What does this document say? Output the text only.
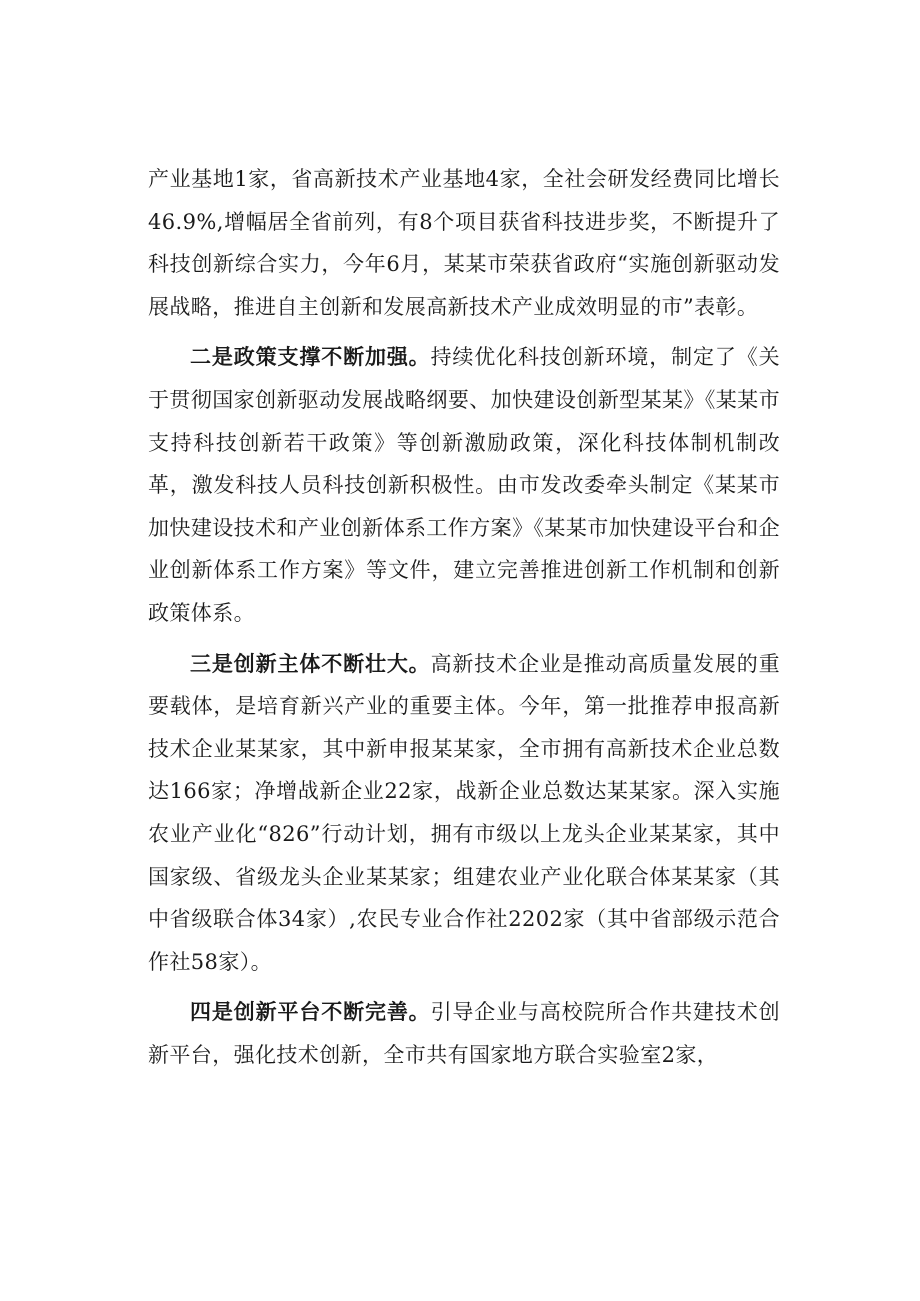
产业基地1家，省高新技术产业基地4家，全社会研发经费同比增长46.9%,增幅居全省前列，有8个项目获省科技进步奖，不断提升了科技创新综合实力，今年6月，某某市荣获省政府“实施创新驱动发展战略，推进自主创新和发展高新技术产业成效明显的市”表彰。

二是政策支撑不断加强。持续优化科技创新环境，制定了《关于贯彻国家创新驱动发展战略纲要、加快建设创新型某某》《某某市支持科技创新若干政策》等创新激励政策，深化科技体制机制改革，激发科技人员科技创新积极性。由市发改委牵头制定《某某市加快建设技术和产业创新体系工作方案》《某某市加快建设平台和企业创新体系工作方案》等文件，建立完善推进创新工作机制和创新政策体系。

三是创新主体不断壮大。高新技术企业是推动高质量发展的重要载体，是培育新兴产业的重要主体。今年，第一批推荐申报高新技术企业某某家，其中新申报某某家，全市拥有高新技术企业总数达166家；净增战新企业22家，战新企业总数达某某家。深入实施农业产业化“826”行动计划，拥有市级以上龙头企业某某家，其中国家级、省级龙头企业某某家；组建农业产业化联合体某某家（其中省级联合体34家）,农民专业合作社2202家（其中省部级示范合作社58家）。

四是创新平台不断完善。引导企业与高校院所合作共建技术创新平台，强化技术创新，全市共有国家地方联合实验室2家，
